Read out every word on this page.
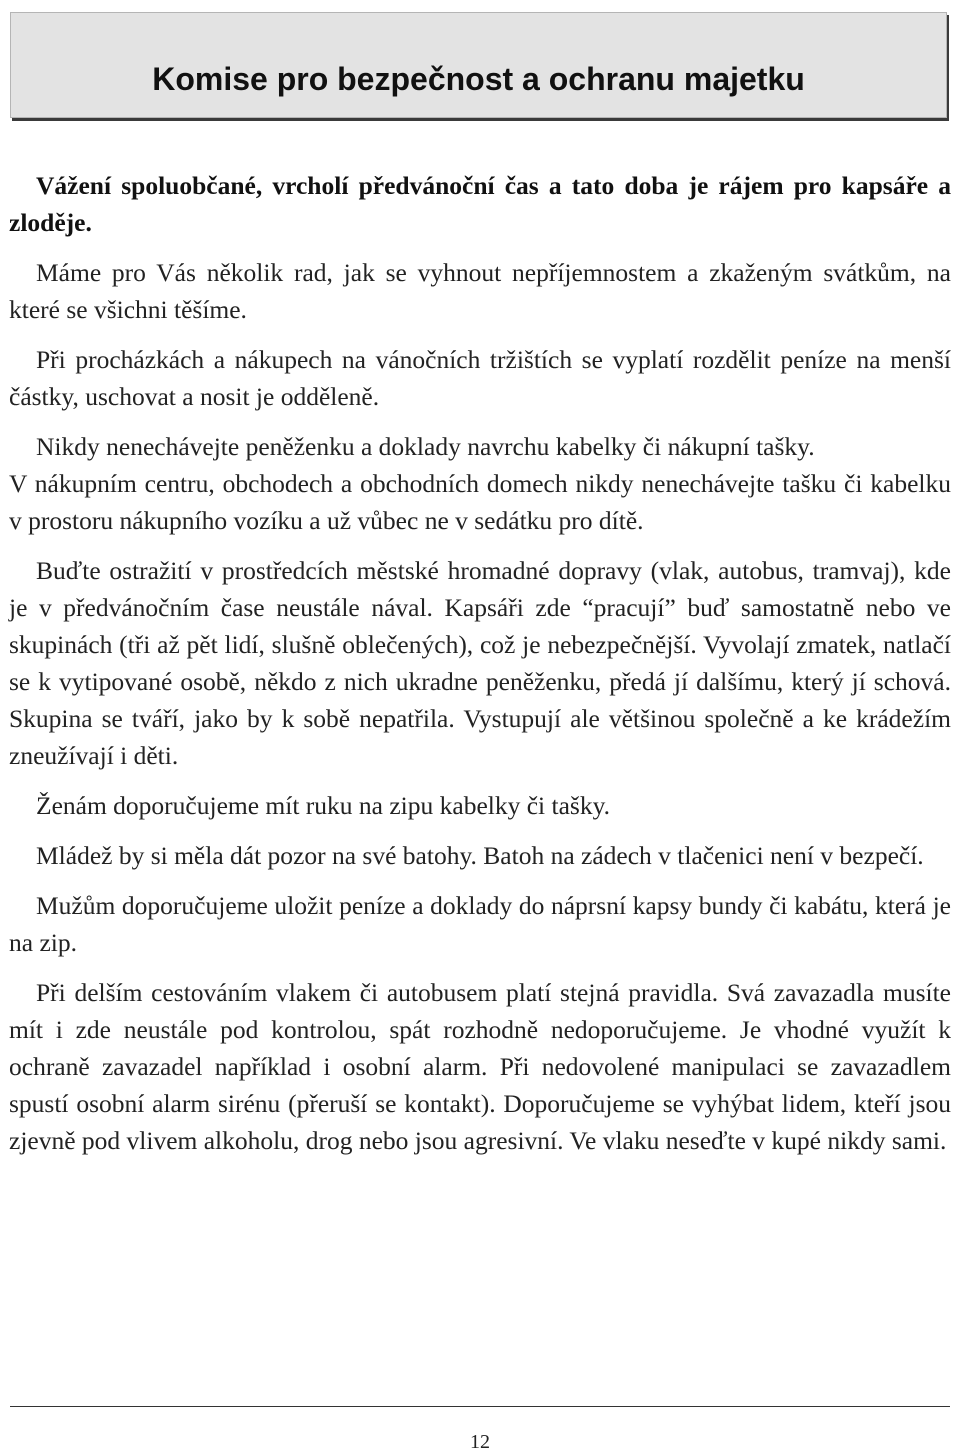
Komise pro bezpečnost a ochranu majetku

Vážení spoluobčané, vrcholí předvánoční čas a tato doba je rájem pro kapsáře a zloděje.

Máme pro Vás několik rad, jak se vyhnout nepříjemnostem a zkaženým svátkům, na které se všichni těšíme.

Při procházkách a nákupech na vánočních tržištích se vyplatí rozdělit peníze na menší částky, uschovat a nosit je odděleně.

Nikdy nenechávejte peněženku a doklady navrchu kabelky či nákupní tašky.

V nákupním centru, obchodech a obchodních domech nikdy nenechávejte tašku či kabelku v prostoru nákupního vozíku a už vůbec ne v sedátku pro dítě.

Buďte ostražití v prostředcích městské hromadné dopravy (vlak, autobus, tramvaj), kde je v předvánočním čase neustále nával. Kapsáři zde “pracují” buď samostatně nebo ve skupinách (tři až pět lidí, slušně oblečených), což je nebezpečnější. Vyvolají zmatek, natlačí se k vytipované osobě, někdo z nich ukradne peněženku, předá jí dalšímu, který jí schová. Skupina se tváří, jako by k sobě nepatřila. Vystupují ale většinou společně a ke krádežím zneužívají i děti.

Ženám doporučujeme mít ruku na zipu kabelky či tašky.

Mládež by si měla dát pozor na své batohy. Batoh na zádech v tlačenici není v bezpečí.

Mužům doporučujeme uložit peníze a doklady do náprsní kapsy bundy či kabátu, která je na zip.

Při delším cestováním vlakem či autobusem platí stejná pravidla. Svá zavazadla musíte mít i zde neustále pod kontrolou, spát rozhodně nedoporučujeme. Je vhodné využít k ochraně zavazadel například i osobní alarm. Při nedovolené manipulaci se zavazadlem spustí osobní alarm sirénu (přeruší se kontakt). Doporučujeme se vyhýbat lidem, kteří jsou zjevně pod vlivem alkoholu, drog nebo jsou agresivní. Ve vlaku neseďte v kupé nikdy sami.

12
